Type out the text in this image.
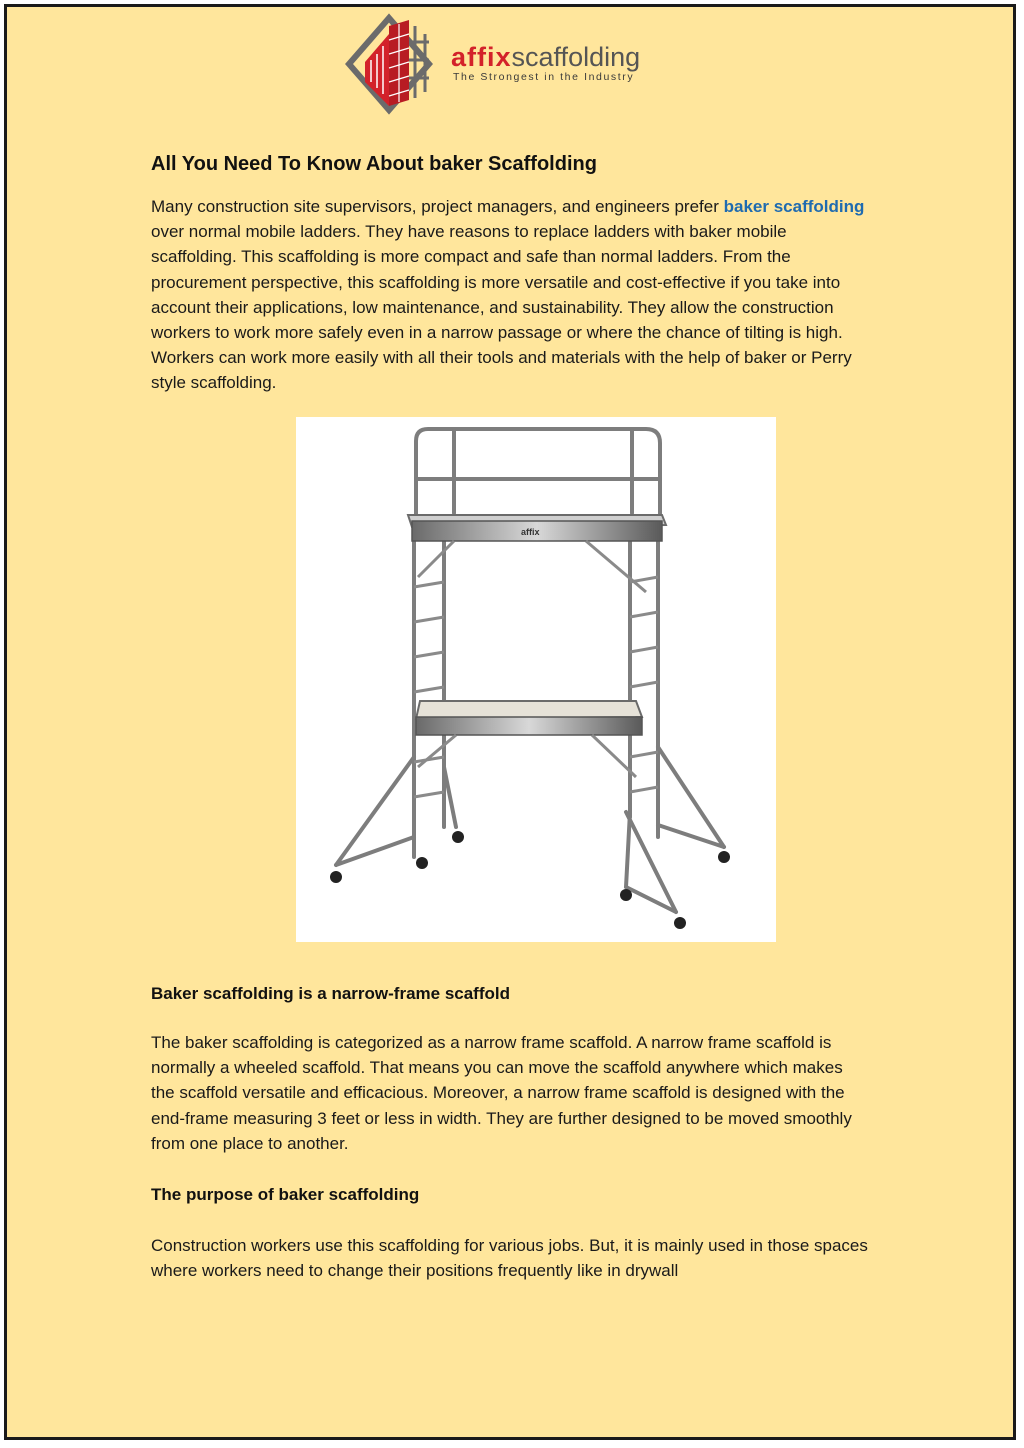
affixscaffolding
The Strongest in the Industry
All You Need To Know About baker Scaffolding

Many construction site supervisors, project managers, and engineers prefer baker scaffolding over normal mobile ladders. They have reasons to replace ladders with baker mobile scaffolding. This scaffolding is more compact and safe than normal ladders. From the procurement perspective, this scaffolding is more versatile and cost-effective if you take into account their applications, low maintenance, and sustainability. They allow the construction workers to work more safely even in a narrow passage or where the chance of tilting is high. Workers can work more easily with all their tools and materials with the help of baker or Perry style scaffolding.

affix
Baker scaffolding is a narrow-frame scaffold

The baker scaffolding is categorized as a narrow frame scaffold. A narrow frame scaffold is normally a wheeled scaffold. That means you can move the scaffold anywhere which makes the scaffold versatile and efficacious. Moreover, a narrow frame scaffold is designed with the end-frame measuring 3 feet or less in width. They are further designed to be moved smoothly from one place to another.

The purpose of baker scaffolding

Construction workers use this scaffolding for various jobs. But, it is mainly used in those spaces where workers need to change their positions frequently like in drywall
